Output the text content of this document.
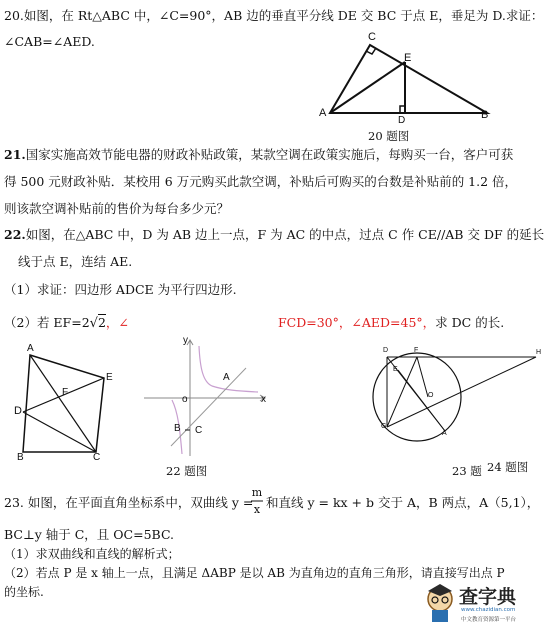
20.如图，在 Rt△ABC 中，∠C=90°，AB 边的垂直平分线 DE 交 BC 于点 E，垂足为 D.求证：
∠CAB=∠AED.	C
E
A
D	B
20 题图
21.国家实施高效节能电器的财政补贴政策，某款空调在政策实施后，每购买一台，客户可获
得 500 元财政补贴．某校用 6 万元购买此款空调，补贴后可购买的台数是补贴前的 1.2 倍，
则该款空调补贴前的售价为每台多少元？
22.如图，在△ABC 中，D 为 AB 边上一点，F 为 AC 的中点，过点 C 作 CE//AB 交 DF 的延长
线于点 E，连结 AE.
（1）求证：四边形 ADCE 为平行四边形.
（2）若 EF=2√2，∠	FCD=30°，∠AED=45°，求 DC 的长.
A
E
F
D
B	C
22 题图
y
x
o
A
B C
23 题
D	F	H
E
O
G
A
24 题图
23. 如图，在平面直角坐标系中，双曲线 y =
m
x 和直线 y = kx + b 交于 A，B 两点，A（5,1），
BC⊥y 轴于 C，且 OC=5BC.
（1）求双曲线和直线的解析式；
（2）若点 P 是 x 轴上一点，且满足 ΔABP 是以 AB 为直角边的直角三角形，请直接写出点 P
的坐标.	查字典
www.chazidian.com
中文教育资源第一平台
